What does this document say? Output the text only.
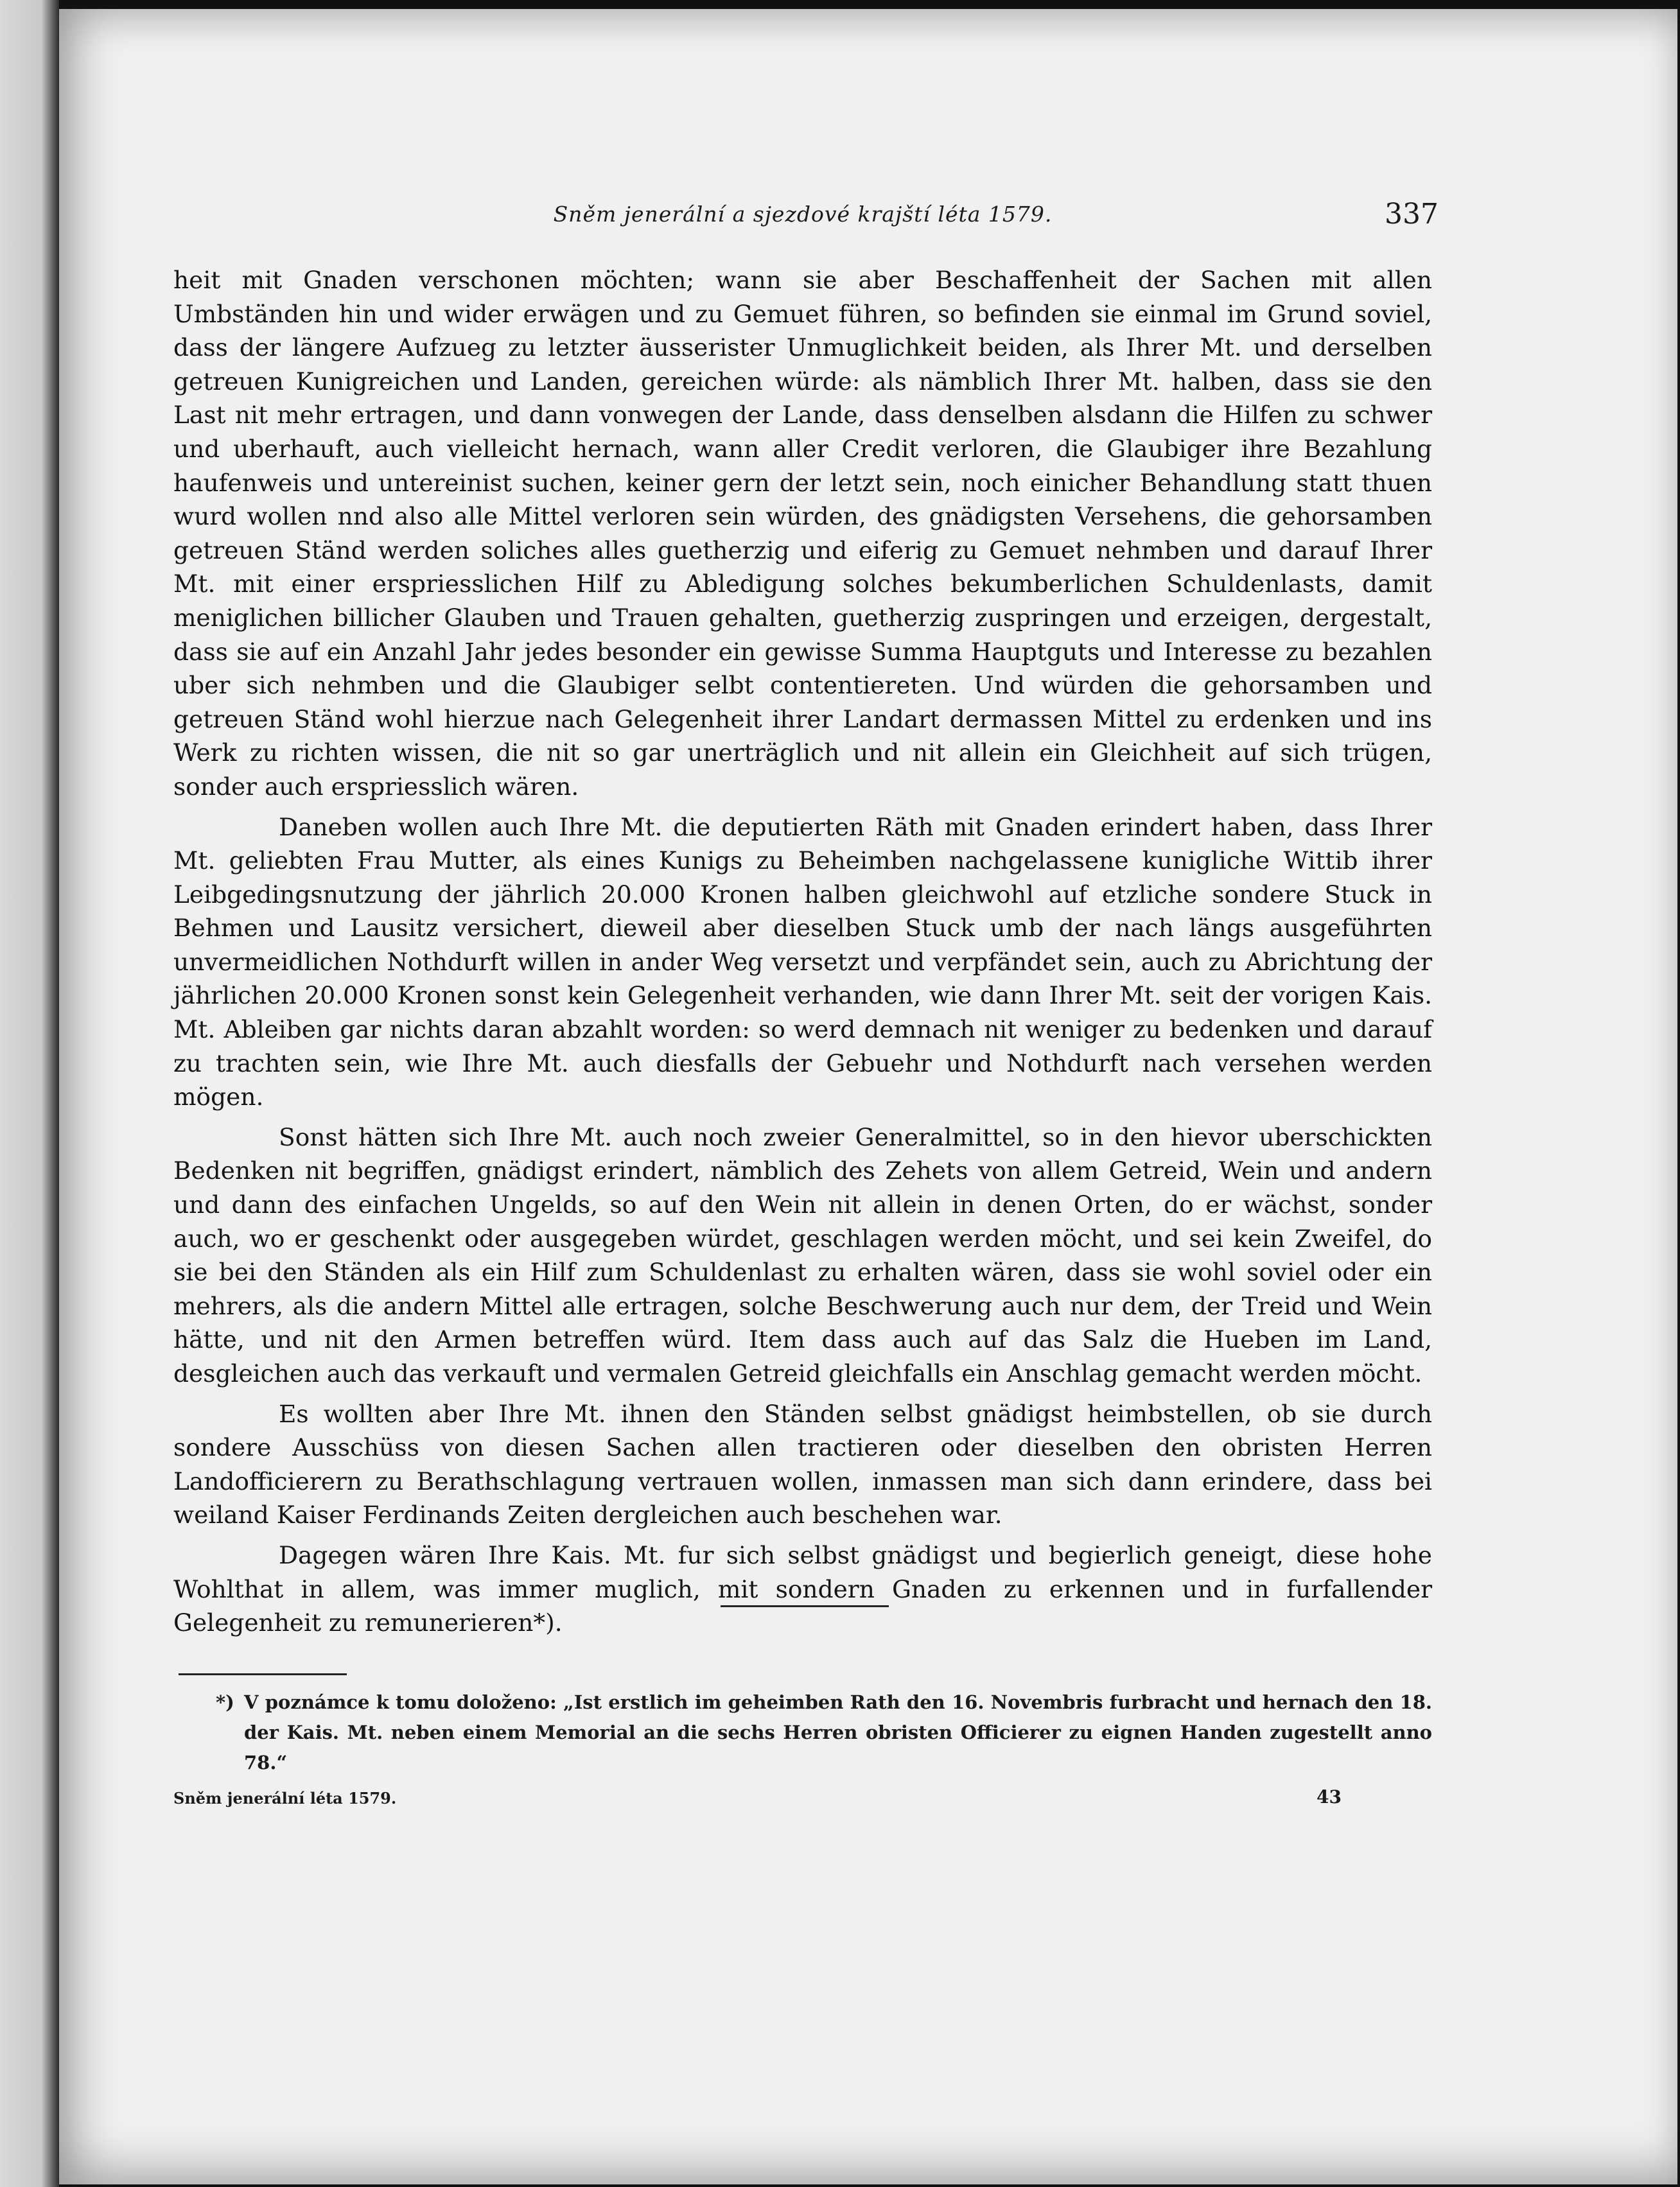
Sněm jenerální a sjezdové krajští léta 1579.	337

heit mit Gnaden verschonen möchten; wann sie aber Beschaffenheit der Sachen mit allen Umbständen hin und wider erwägen und zu Gemuet führen, so befinden sie einmal im Grund soviel, dass der längere Aufzueg zu letzter äusserister Unmuglichkeit beiden, als Ihrer Mt. und derselben getreuen Kunigreichen und Landen, gereichen würde: als nämblich Ihrer Mt. halben, dass sie den Last nit mehr ertragen, und dann vonwegen der Lande, dass denselben alsdann die Hilfen zu schwer und uberhauft, auch vielleicht hernach, wann aller Credit verloren, die Glaubiger ihre Bezahlung haufenweis und untereinist suchen, keiner gern der letzt sein, noch einicher Behandlung statt thuen wurd wollen nnd also alle Mittel verloren sein würden, des gnädigsten Versehens, die gehorsamben getreuen Ständ werden soliches alles guetherzig und eiferig zu Gemuet nehmben und darauf Ihrer Mt. mit einer erspriesslichen Hilf zu Abledigung solches bekumberlichen Schuldenlasts, damit meniglichen billicher Glauben und Trauen gehalten, guetherzig zuspringen und erzeigen, dergestalt, dass sie auf ein Anzahl Jahr jedes besonder ein gewisse Summa Hauptguts und Interesse zu bezahlen uber sich nehmben und die Glaubiger selbt contentiereten. Und würden die gehorsamben und getreuen Ständ wohl hierzue nach Gelegenheit ihrer Landart dermassen Mittel zu erdenken und ins Werk zu richten wissen, die nit so gar unerträglich und nit allein ein Gleichheit auf sich trügen, sonder auch erspriesslich wären.

Daneben wollen auch Ihre Mt. die deputierten Räth mit Gnaden erindert haben, dass Ihrer Mt. geliebten Frau Mutter, als eines Kunigs zu Beheimben nachgelassene kunigliche Wittib ihrer Leibgedingsnutzung der jährlich 20.000 Kronen halben gleichwohl auf etzliche sondere Stuck in Behmen und Lausitz versichert, dieweil aber dieselben Stuck umb der nach längs ausgeführten unvermeidlichen Nothdurft willen in ander Weg versetzt und verpfändet sein, auch zu Abrichtung der jährlichen 20.000 Kronen sonst kein Gelegenheit verhanden, wie dann Ihrer Mt. seit der vorigen Kais. Mt. Ableiben gar nichts daran abzahlt worden: so werd demnach nit weniger zu bedenken und darauf zu trachten sein, wie Ihre Mt. auch diesfalls der Gebuehr und Nothdurft nach versehen werden mögen.

Sonst hätten sich Ihre Mt. auch noch zweier Generalmittel, so in den hievor uberschickten Bedenken nit begriffen, gnädigst erindert, nämblich des Zehets von allem Getreid, Wein und andern und dann des einfachen Ungelds, so auf den Wein nit allein in denen Orten, do er wächst, sonder auch, wo er geschenkt oder ausgegeben würdet, geschlagen werden möcht, und sei kein Zweifel, do sie bei den Ständen als ein Hilf zum Schuldenlast zu erhalten wären, dass sie wohl soviel oder ein mehrers, als die andern Mittel alle ertragen, solche Beschwerung auch nur dem, der Treid und Wein hätte, und nit den Armen betreffen würd. Item dass auch auf das Salz die Hueben im Land, desgleichen auch das verkauft und vermalen Getreid gleichfalls ein Anschlag gemacht werden möcht.

Es wollten aber Ihre Mt. ihnen den Ständen selbst gnädigst heimbstellen, ob sie durch sondere Ausschüss von diesen Sachen allen tractieren oder dieselben den obristen Herren Landofficierern zu Berathschlagung vertrauen wollen, inmassen man sich dann erindere, dass bei weiland Kaiser Ferdinands Zeiten dergleichen auch beschehen war.

Dagegen wären Ihre Kais. Mt. fur sich selbst gnädigst und begierlich geneigt, diese hohe Wohlthat in allem, was immer muglich, mit sondern Gnaden zu erkennen und in furfallender Gelegenheit zu remunerieren*).

*) V poznámce k tomu doloženo: „Ist erstlich im geheimben Rath den 16. Novembris furbracht und hernach den 18. der Kais. Mt. neben einem Memorial an die sechs Herren obristen Officierer zu eignen Handen zugestellt anno 78.“
Sněm jenerální léta 1579.	43
